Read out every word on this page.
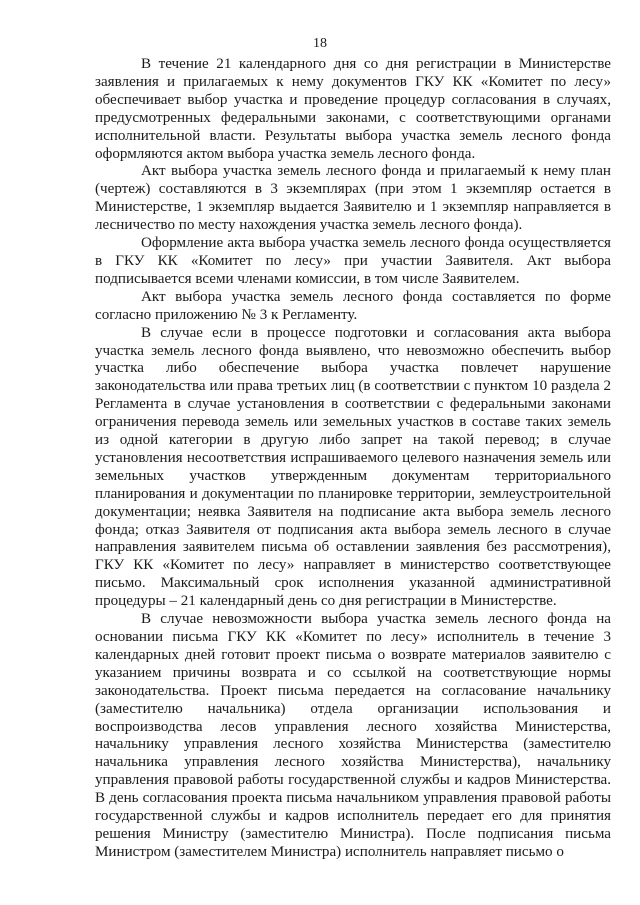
18

В течение 21 календарного дня со дня регистрации в Министерстве заявления и прилагаемых к нему документов ГКУ КК «Комитет по лесу» обеспечивает выбор участка и проведение процедур согласования в случаях, предусмотренных федеральными законами, с соответствующими органами исполнительной власти. Результаты выбора участка земель лесного фонда оформляются актом выбора участка земель лесного фонда.

Акт выбора участка земель лесного фонда и прилагаемый к нему план (чертеж) составляются в 3 экземплярах (при этом 1 экземпляр остается в Министерстве, 1 экземпляр выдается Заявителю и 1 экземпляр направляется в лесничество по месту нахождения участка земель лесного фонда).

Оформление акта выбора участка земель лесного фонда осуществляется в ГКУ КК «Комитет по лесу» при участии Заявителя. Акт выбора подписывается всеми членами комиссии, в том числе Заявителем.

Акт выбора участка земель лесного фонда составляется по форме согласно приложению № 3 к Регламенту.

В случае если в процессе подготовки и согласования акта выбора участка земель лесного фонда выявлено, что невозможно обеспечить выбор участка либо обеспечение выбора участка повлечет нарушение законодательства или права третьих лиц (в соответствии с пунктом 10 раздела 2 Регламента в случае установления в соответствии с федеральными законами ограничения перевода земель или земельных участков в составе таких земель из одной категории в другую либо запрет на такой перевод; в случае установления несоответствия испрашиваемого целевого назначения земель или земельных участков утвержденным документам территориального планирования и документации по планировке территории, землеустроительной документации; неявка Заявителя на подписание акта выбора земель лесного фонда; отказ Заявителя от подписания акта выбора земель лесного в случае направления заявителем письма об оставлении заявления без рассмотрения), ГКУ КК «Комитет по лесу» направляет в министерство соответствующее письмо. Максимальный срок исполнения указанной административной процедуры – 21 календарный день со дня регистрации в Министерстве.

В случае невозможности выбора участка земель лесного фонда на основании письма ГКУ КК «Комитет по лесу» исполнитель в течение 3 календарных дней готовит проект письма о возврате материалов заявителю с указанием причины возврата и со ссылкой на соответствующие нормы законодательства. Проект письма передается на согласование начальнику (заместителю начальника) отдела организации использования и воспроизводства лесов управления лесного хозяйства Министерства, начальнику управления лесного хозяйства Министерства (заместителю начальника управления лесного хозяйства Министерства), начальнику управления правовой работы государственной службы и кадров Министерства. В день согласования проекта письма начальником управления правовой работы государственной службы и кадров исполнитель передает его для принятия решения Министру (заместителю Министра). После подписания письма Министром (заместителем Министра) исполнитель направляет письмо о
